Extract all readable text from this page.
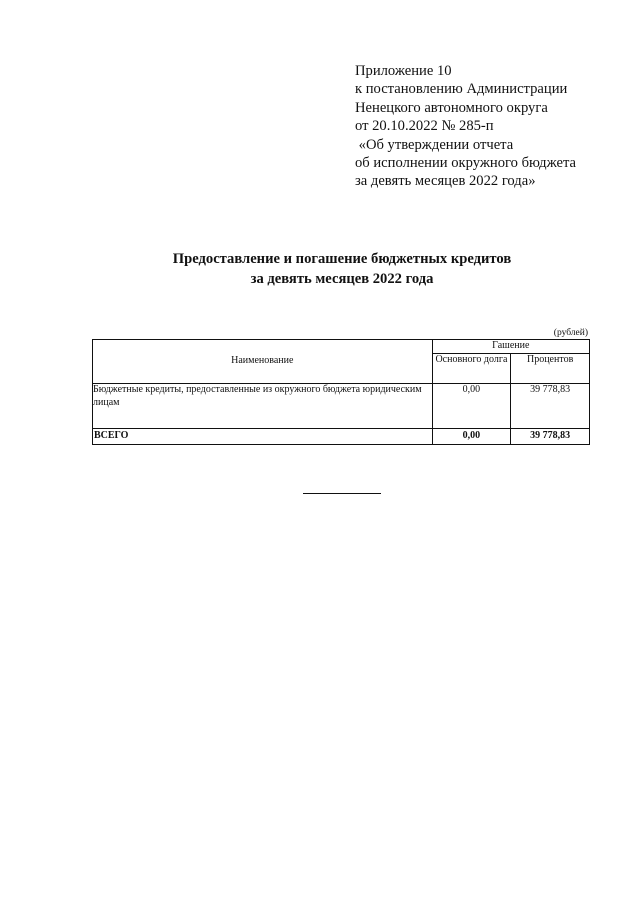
Приложение 10
к постановлению Администрации
Ненецкого автономного округа
от 20.10.2022 № 285-п
«Об утверждении отчета
об исполнении окружного бюджета
за девять месяцев 2022 года»
Предоставление и погашение бюджетных кредитов
за девять месяцев 2022 года
(рублей)
Наименование	Гашение	
	Основного долга	Процентов
Бюджетные кредиты, предоставленные из окружного бюджета юридическим лицам	0,00	39 778,83
ВСЕГО	0,00	39 778,83
